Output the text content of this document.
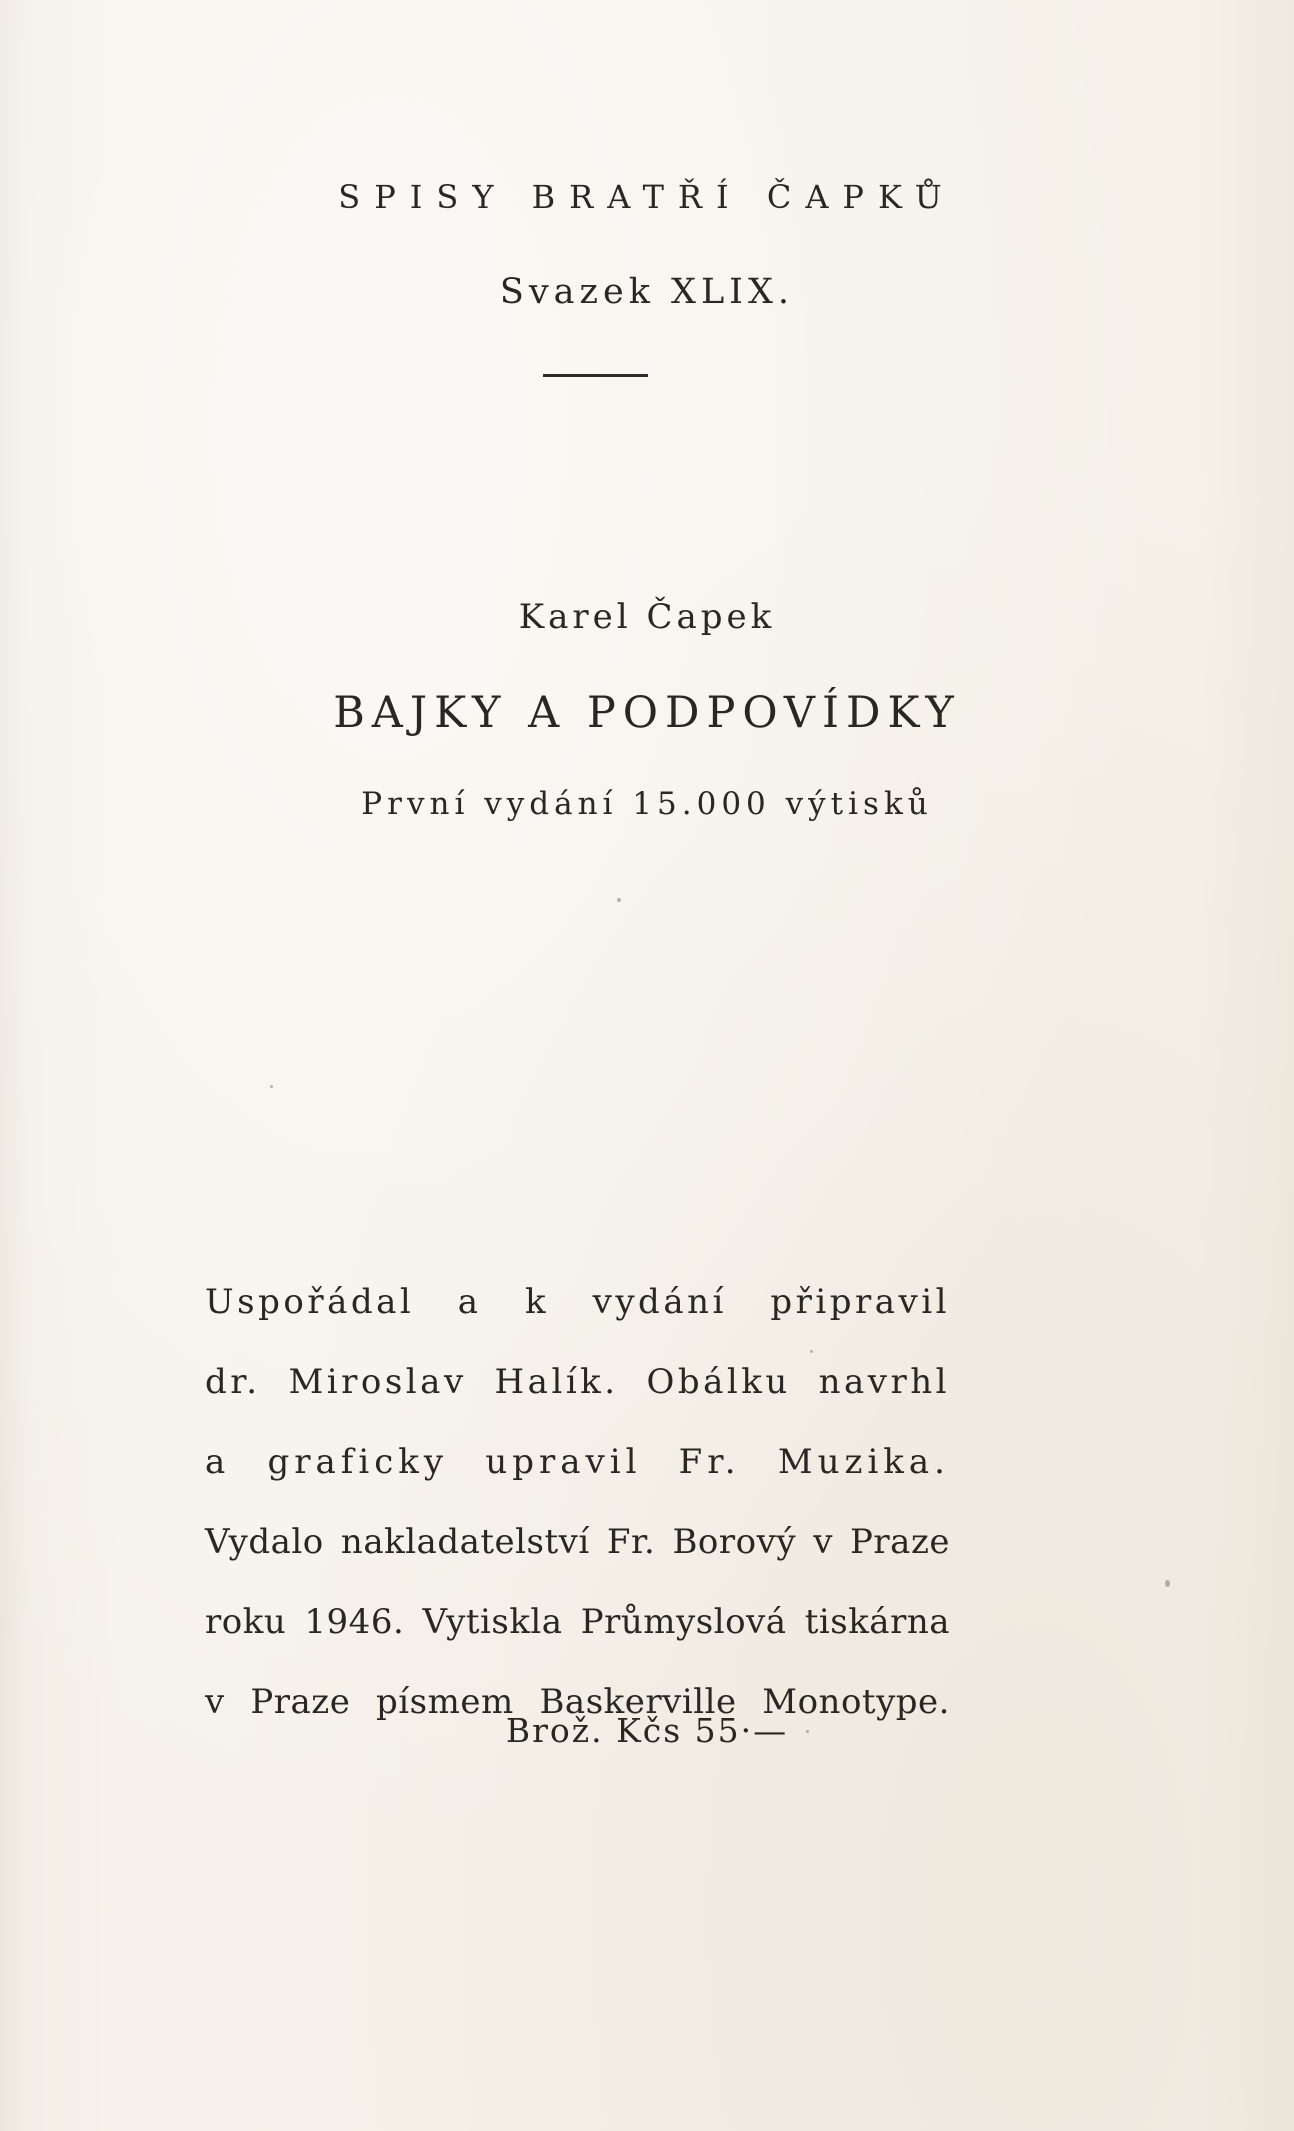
SPISY BRATŘÍ ČAPKŮ
Svazek XLIX.
Karel Čapek
BAJKY A PODPOVÍDKY
První vydání 15.000 výtisků
Uspořádal a k vydání připravil
dr. Miroslav Halík. Obálku navrhl
a graficky upravil Fr. Muzika.
Vydalo nakladatelství Fr. Borový v Praze
roku 1946. Vytiskla Průmyslová tiskárna
v Praze písmem Baskerville Monotype.
Brož. Kčs 55·—
